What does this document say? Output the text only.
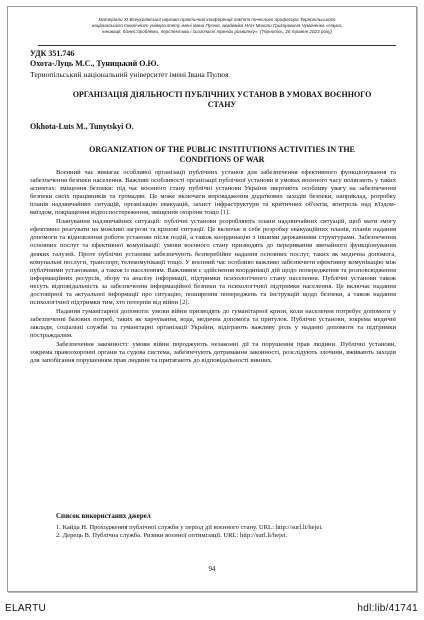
Матеріали ХІ Всеукраїнської науково-практичної конференції пам'яті почесного професора Тернопільського
національного технічного університету імені Івана Пулюя, академіка НАН Миколи Григоровича Чумаченка «Наука,
інновації, бізнес:проблеми, перспективи і сьогочасні тренди розвитку». (Тернопіль, 26 травня 2023 року)
УДК 351.746
Охота-Луць М.С., Туницький О.Ю.
Тернопільський національний університет імені Івана Пулюя
ОРГАНІЗАЦІЯ ДІЯЛЬНОСТІ ПУБЛІЧНИХ УСТАНОВ В УМОВАХ ВОЄННОГО СТАНУ
Okhota-Luts M., Tunytskyi O.
ORGANIZATION OF THE PUBLIC INSTITUTIONS ACTIVITIES IN THE CONDITIONS OF WAR

Воєнний час вимагає особливої організації публічних установ для забезпечення ефективного функціонування та забезпечення безпеки населення. Важливі особливості організації публічної установи в умовах воєнного часу полягають у таких аспектах: зміщення безпеки: під час воєнного стану публічні установи України звертають особливу увагу на забезпечення безпеки своїх працівників та громадян. Це може включати впровадження додаткових заходів безпеки, наприклад, розробку планів надзвичайних ситуацій, організацію евакуацій, захист інфраструктури та критичних об'єктів, контроль над в'їздом-виїздом, покращення відеоспостереження, зміщення охорони тощо [1].

Планування надзвичайних ситуацій: публічні установи розробляють плани надзвичайних ситуацій, щоб мати змогу ефективно реагувати на можливі загрози та кризові ситуації. Це включає в себе розробку евакуаційних планів, планів надання допомоги та відновлення роботи установи після подій, а також координацію з іншими державними структурами. Забезпечення основних послуг та ефективної комунікації: умови воєнного стану призводять до переривання звичайного функціонування деяких галузей. Проте публічні установи забезпечують безперебійне надання основних послуг, таких як медична допомога, комунальні послуги, транспорт, телекомунікації тощо. У воєнний час особливо важливо забезпечити ефективну комунікацію між публічними установами, а також із населенням. Важливим є здійснення координації дій щодо попередження та розповсюдження інформаційних ресурсів, збору та аналізу інформації, підтримки психологічного стану населення. Публічні установи також несуть відповідальність за забезпечення інформаційної безпеки та психологічної підтримки населення. Це включає надання достовірної та актуальної інформації про ситуацію, поширення попереджень та інструкцій щодо безпеки, а також надання психологічної підтримки тим, хто потерпів від війни [2].

Надання гуманітарної допомоги: умови війни призводять до гуманітарної кризи, коли населення потребує допомоги у забезпеченні базових потреб, таких як харчування, вода, медична допомога та притулок. Публічні установи, зокрема медичні заклади, соціальні служби та гуманітарні організації України, відіграють важливу роль у наданні допомоги та підтримки постраждалим.

Забезпечення законності: умови війни породжують незаконні дії та порушення прав людини. Публічні установи, зокрема правоохоронні органи та судова система, забезпечують дотримання законності, розслідують злочини, вживають заходів для запобігання порушенням прав людини та притягають до відповідальності винних.

Список використаних джерел

1. Кайда Н. Проходження публічної служби у період дії воєнного стану. URL: http://surl.li/hejei.

2. Дерець В. Публічна служба. Ризики воєнної оптимізації. URL: http://surl.li/hejei.

94
ELARTU	hdl:lib/41741
